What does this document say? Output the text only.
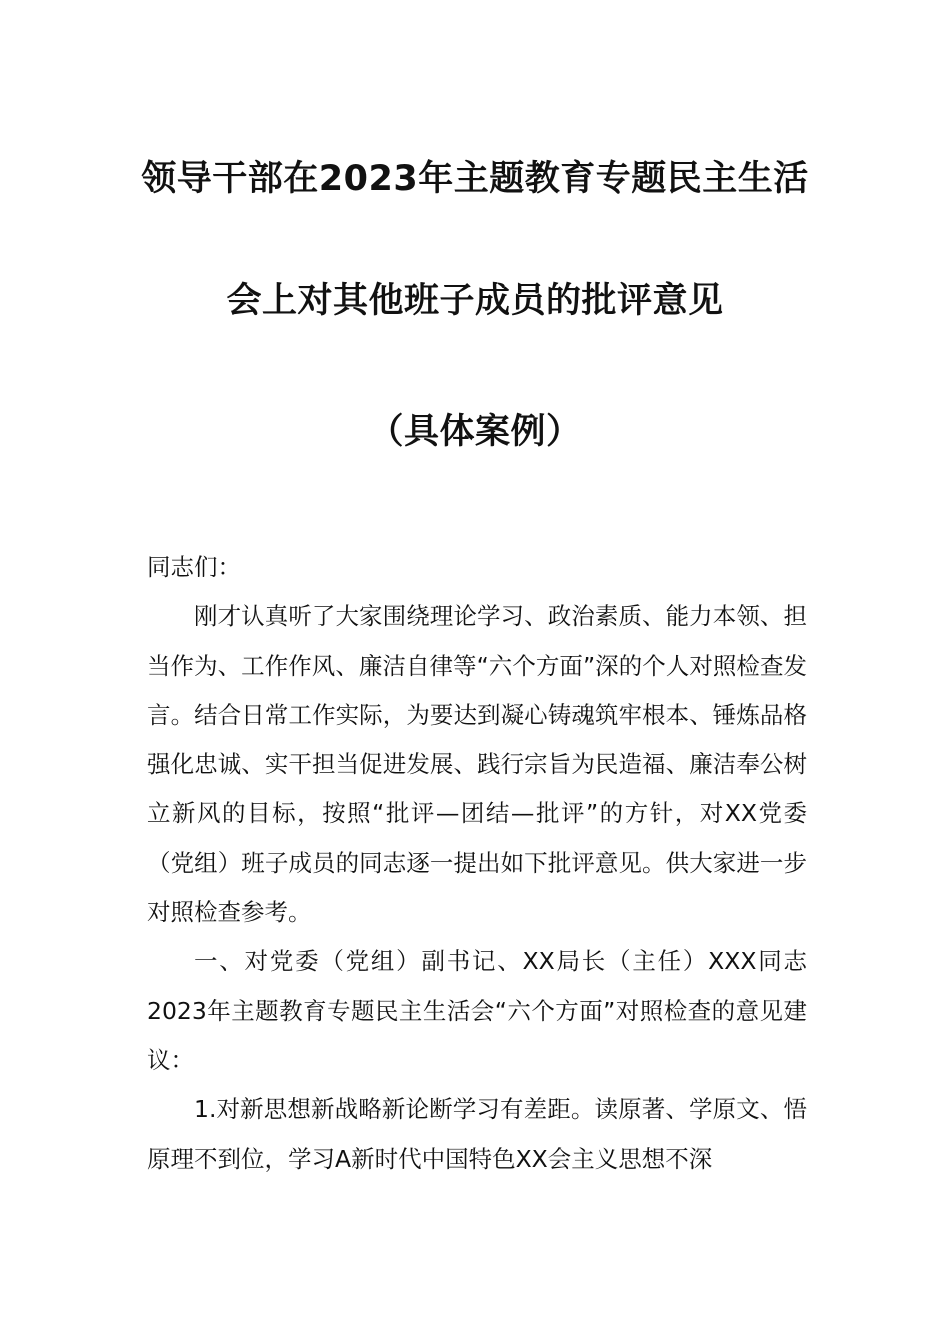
领导干部在2023年主题教育专题民主生活
会上对其他班子成员的批评意见
（具体案例）

同志们：

刚才认真听了大家围绕理论学习、政治素质、能力本领、担当作为、工作作风、廉洁自律等“六个方面”深的个人对照检查发言。结合日常工作实际，为要达到凝心铸魂筑牢根本、锤炼品格强化忠诚、实干担当促进发展、践行宗旨为民造福、廉洁奉公树立新风的目标，按照“批评—团结—批评”的方针，对XX党委（党组）班子成员的同志逐一提出如下批评意见。供大家进一步对照检查参考。

一、对党委（党组）副书记、XX局长（主任）XXX同志2023年主题教育专题民主生活会“六个方面”对照检查的意见建议：

1.对新思想新战略新论断学习有差距。读原著、学原文、悟原理不到位，学习A新时代中国特色XX会主义思想不深
